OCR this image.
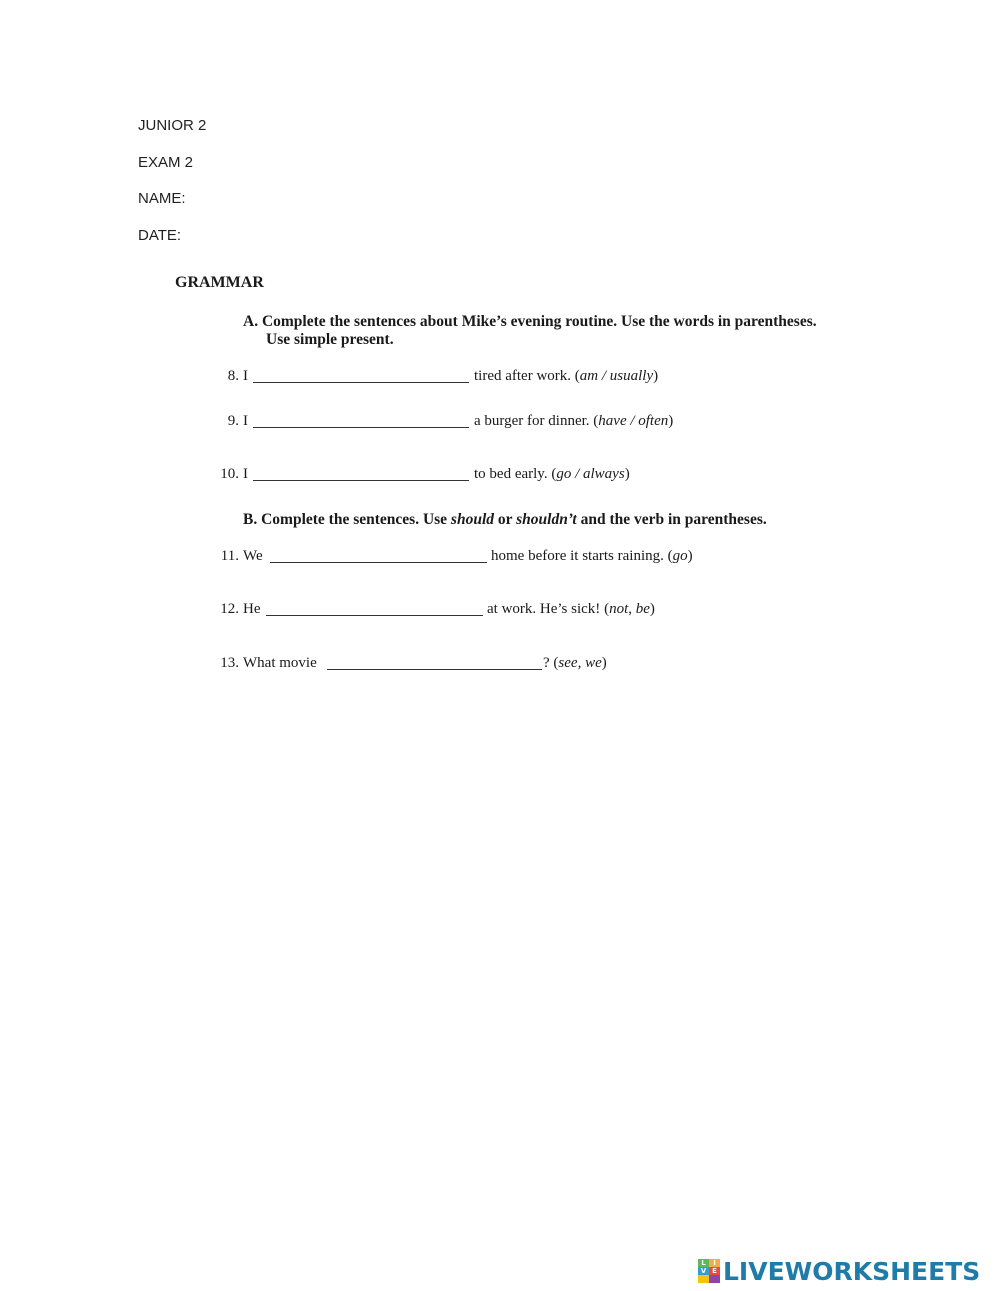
JUNIOR 2
EXAM 2
NAME:
DATE:
GRAMMAR
A. Complete the sentences about Mike’s evening routine. Use the words in parentheses.
Use simple present.
8. I	tired after work. (am / usually)
9. I	a burger for dinner. (have / often)
10. I	to bed early. (go / always)
B. Complete the sentences. Use should or shouldn’t and the verb in parentheses.
11. We	home before it starts raining. (go)
12. He	at work. He’s sick! (not, be)
13. What movie	? (see, we)
L	I
V E LIVEWORKSHEETS
